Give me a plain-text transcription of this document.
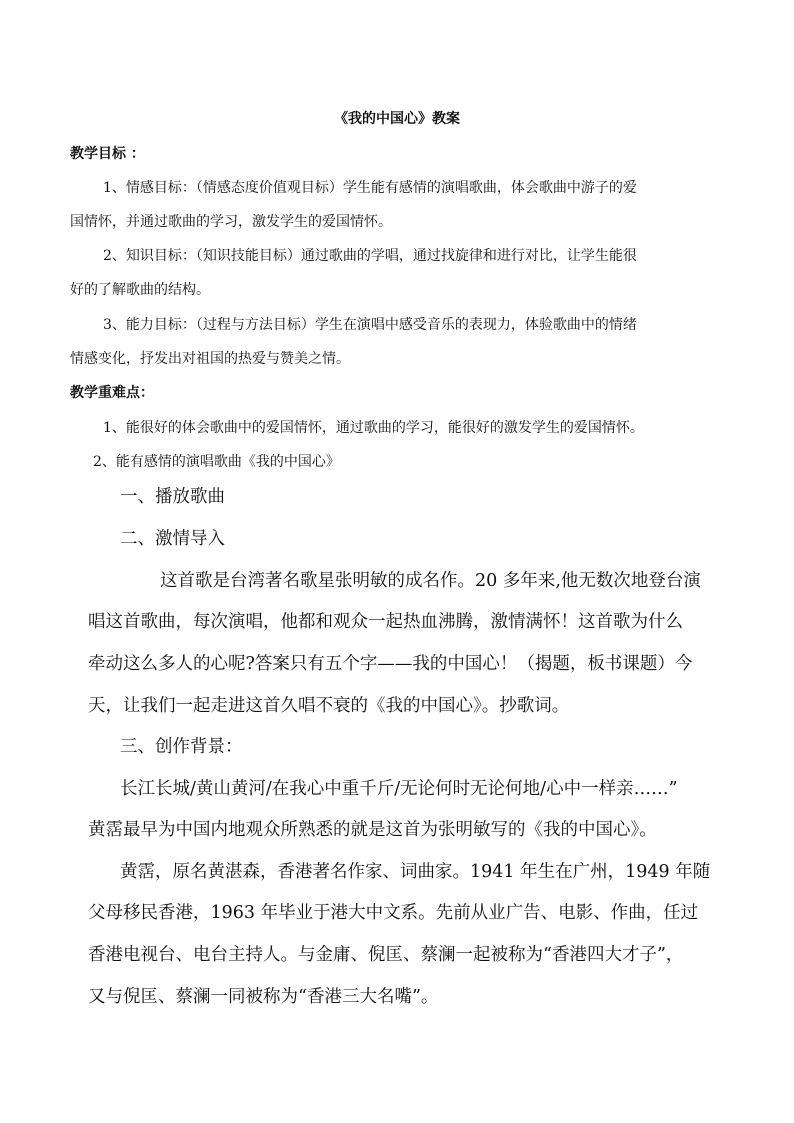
《我的中国心》教案
教学目标 ：
1、情感目标：（情感态度价值观目标）学生能有感情的演唱歌曲，体会歌曲中游子的爱
国情怀，并通过歌曲的学习，激发学生的爱国情怀。
2、知识目标：（知识技能目标）通过歌曲的学唱，通过找旋律和进行对比，让学生能很
好的了解歌曲的结构。
3、能力目标：（过程与方法目标）学生在演唱中感受音乐的表现力，体验歌曲中的情绪
情感变化，抒发出对祖国的热爱与赞美之情。
教学重难点：
1、能很好的体会歌曲中的爱国情怀，通过歌曲的学习，能很好的激发学生的爱国情怀。
2、能有感情的演唱歌曲《我的中国心》
一、播放歌曲
二、激情导入
这首歌是台湾著名歌星张明敏的成名作。20 多年来,他无数次地登台演
唱这首歌曲，每次演唱，他都和观众一起热血沸腾，激情满怀！这首歌为什么
牵动这么多人的心呢?答案只有五个字——我的中国心！（揭题，板书课题）今
天，让我们一起走进这首久唱不衰的《我的中国心》。抄歌词。
三、创作背景：
长江长城/黄山黄河/在我心中重千斤/无论何时无论何地/心中一样亲……”
黄霑最早为中国内地观众所熟悉的就是这首为张明敏写的《我的中国心》。
黄霑，原名黄湛森，香港著名作家、词曲家。1941 年生在广州，1949 年随
父母移民香港，1963 年毕业于港大中文系。先前从业广告、电影、作曲，任过
香港电视台、电台主持人。与金庸、倪匡、蔡澜一起被称为“香港四大才子”，
又与倪匡、蔡澜一同被称为“香港三大名嘴”。
